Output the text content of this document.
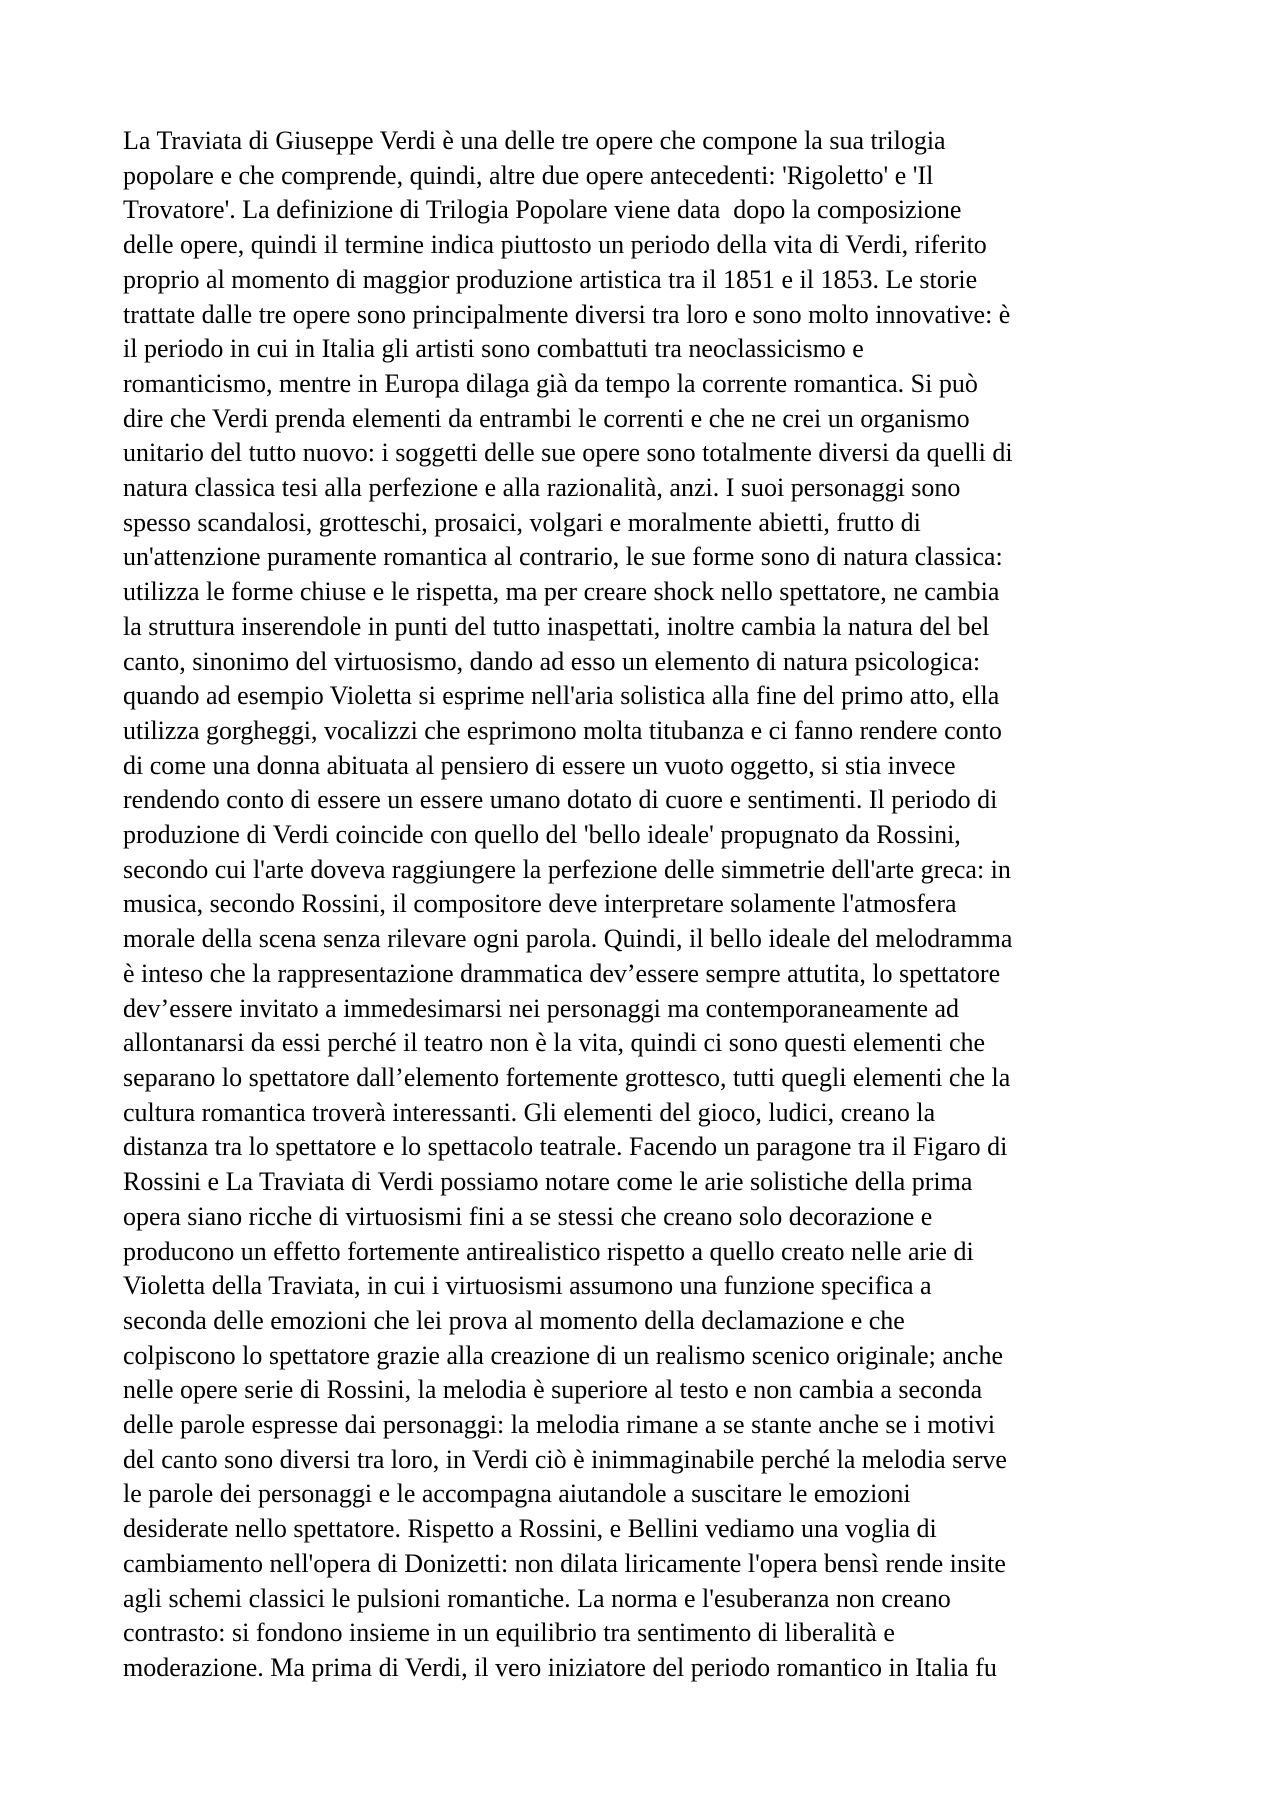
La Traviata di Giuseppe Verdi è una delle tre opere che compone la sua trilogia
popolare e che comprende, quindi, altre due opere antecedenti: 'Rigoletto' e 'Il
Trovatore'. La definizione di Trilogia Popolare viene data  dopo la composizione
delle opere, quindi il termine indica piuttosto un periodo della vita di Verdi, riferito
proprio al momento di maggior produzione artistica tra il 1851 e il 1853. Le storie
trattate dalle tre opere sono principalmente diversi tra loro e sono molto innovative: è
il periodo in cui in Italia gli artisti sono combattuti tra neoclassicismo e
romanticismo, mentre in Europa dilaga già da tempo la corrente romantica. Si può
dire che Verdi prenda elementi da entrambi le correnti e che ne crei un organismo
unitario del tutto nuovo: i soggetti delle sue opere sono totalmente diversi da quelli di
natura classica tesi alla perfezione e alla razionalità, anzi. I suoi personaggi sono
spesso scandalosi, grotteschi, prosaici, volgari e moralmente abietti, frutto di
un'attenzione puramente romantica al contrario, le sue forme sono di natura classica:
utilizza le forme chiuse e le rispetta, ma per creare shock nello spettatore, ne cambia
la struttura inserendole in punti del tutto inaspettati, inoltre cambia la natura del bel
canto, sinonimo del virtuosismo, dando ad esso un elemento di natura psicologica:
quando ad esempio Violetta si esprime nell'aria solistica alla fine del primo atto, ella
utilizza gorgheggi, vocalizzi che esprimono molta titubanza e ci fanno rendere conto
di come una donna abituata al pensiero di essere un vuoto oggetto, si stia invece
rendendo conto di essere un essere umano dotato di cuore e sentimenti. Il periodo di
produzione di Verdi coincide con quello del 'bello ideale' propugnato da Rossini,
secondo cui l'arte doveva raggiungere la perfezione delle simmetrie dell'arte greca: in
musica, secondo Rossini, il compositore deve interpretare solamente l'atmosfera
morale della scena senza rilevare ogni parola. Quindi, il bello ideale del melodramma
è inteso che la rappresentazione drammatica dev’essere sempre attutita, lo spettatore
dev’essere invitato a immedesimarsi nei personaggi ma contemporaneamente ad
allontanarsi da essi perché il teatro non è la vita, quindi ci sono questi elementi che
separano lo spettatore dall’elemento fortemente grottesco, tutti quegli elementi che la
cultura romantica troverà interessanti. Gli elementi del gioco, ludici, creano la
distanza tra lo spettatore e lo spettacolo teatrale. Facendo un paragone tra il Figaro di
Rossini e La Traviata di Verdi possiamo notare come le arie solistiche della prima
opera siano ricche di virtuosismi fini a se stessi che creano solo decorazione e
producono un effetto fortemente antirealistico rispetto a quello creato nelle arie di
Violetta della Traviata, in cui i virtuosismi assumono una funzione specifica a
seconda delle emozioni che lei prova al momento della declamazione e che
colpiscono lo spettatore grazie alla creazione di un realismo scenico originale; anche
nelle opere serie di Rossini, la melodia è superiore al testo e non cambia a seconda
delle parole espresse dai personaggi: la melodia rimane a se stante anche se i motivi
del canto sono diversi tra loro, in Verdi ciò è inimmaginabile perché la melodia serve
le parole dei personaggi e le accompagna aiutandole a suscitare le emozioni
desiderate nello spettatore. Rispetto a Rossini, e Bellini vediamo una voglia di
cambiamento nell'opera di Donizetti: non dilata liricamente l'opera bensì rende insite
agli schemi classici le pulsioni romantiche. La norma e l'esuberanza non creano
contrasto: si fondono insieme in un equilibrio tra sentimento di liberalità e
moderazione. Ma prima di Verdi, il vero iniziatore del periodo romantico in Italia fu
